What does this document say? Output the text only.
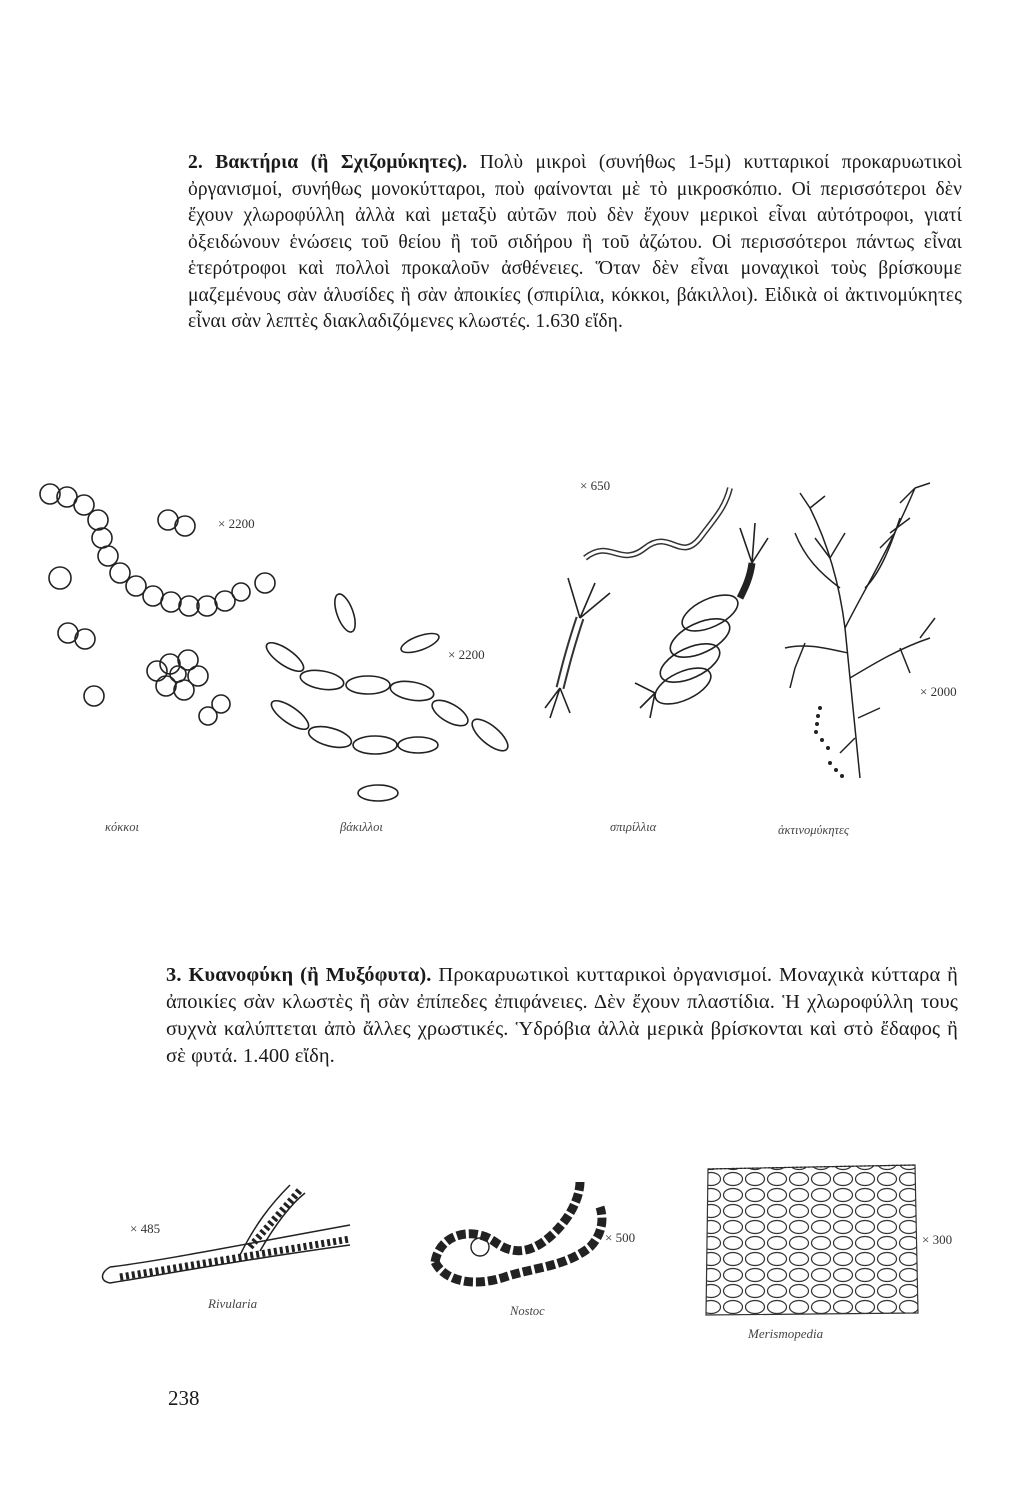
2. Βακτήρια (ἢ Σχιζομύκητες). Πολὺ μικροὶ (συνήθως 1-5μ) κυτταρικοί προκαρυωτικοὶ ὀργανισμοί, συνήθως μονοκύτταροι, ποὺ φαίνονται μὲ τὸ μικροσκόπιο. Οἱ περισσότεροι δὲν ἔχουν χλωροφύλλη ἀλλὰ καὶ μεταξὺ αὐτῶν ποὺ δὲν ἔχουν μερικοὶ εἶναι αὐτότροφοι, γιατί ὀξειδώνουν ἑνώσεις τοῦ θείου ἢ τοῦ σιδήρου ἢ τοῦ ἀζώτου. Οἱ περισσότεροι πάντως εἶναι ἑτερότροφοι καὶ πολλοὶ προκαλοῦν ἀσθένειες. Ὅταν δὲν εἶναι μοναχικοὶ τοὺς βρίσκουμε μαζεμένους σὰν ἁλυσίδες ἢ σὰν ἀποικίες (σπιρίλια, κόκκοι, βάκιλλοι). Εἰδικὰ οἱ ἀκτινομύκητες εἶναι σὰν λεπτὲς διακλαδιζόμενες κλωστές. 1.630 εἴδη.

× 2200
κόκκοι
× 2200
βάκιλλοι
× 650
σπιρίλλια
× 2000
ἀκτινομύκητες

3. Κυανοφύκη (ἢ Μυξόφυτα). Προκαρυωτικοὶ κυτταρικοὶ ὀργανισμοί. Μοναχικὰ κύτταρα ἢ ἀποικίες σὰν κλωστὲς ἢ σὰν ἐπίπεδες ἐπιφάνειες. Δὲν ἔχουν πλαστίδια. Ἡ χλωροφύλλη τους συχνὰ καλύπτεται ἀπὸ ἄλλες χρωστικές. Ὑδρόβια ἀλλὰ μερικὰ βρίσκονται καὶ στὸ ἔδαφος ἢ σὲ φυτά. 1.400 εἴδη.

× 485
Rivularia
× 500
Nostoc
× 300
Merismopedia
238
